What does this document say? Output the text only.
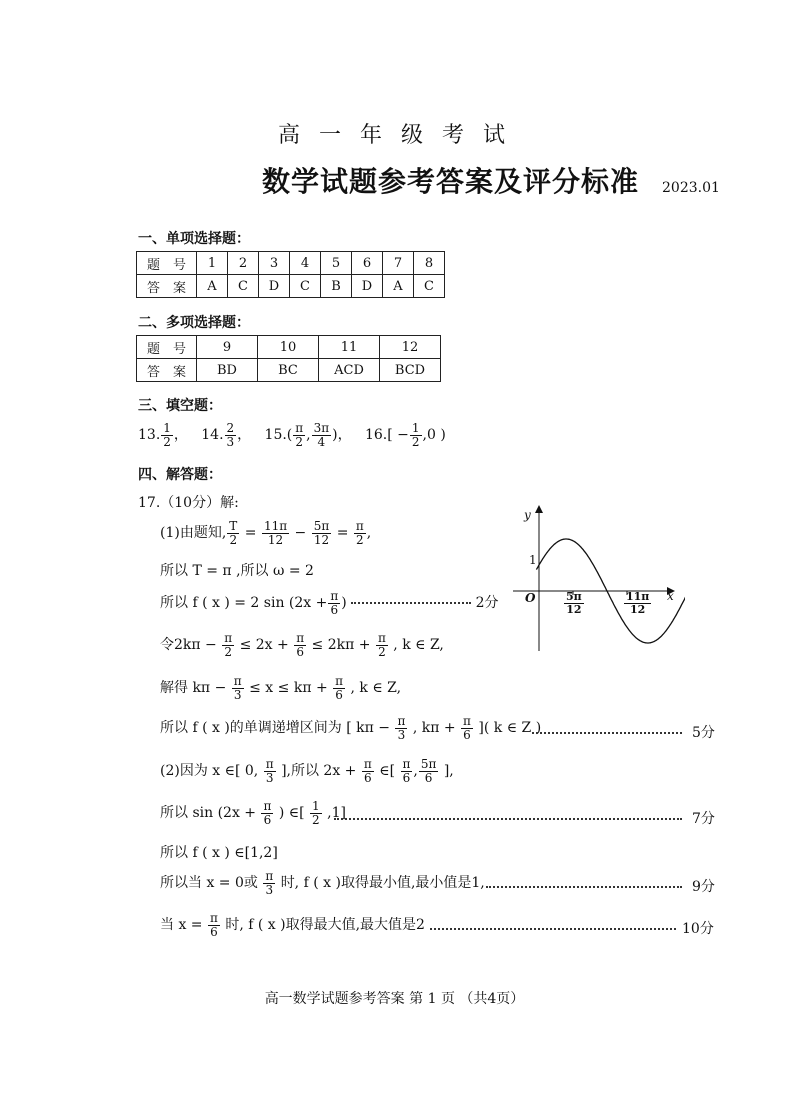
高 一 年 级 考 试
数学试题参考答案及评分标准 2023.01
一、单项选择题：
题　号	1	2	3	4	5	6	7	8
答　案	A	C	D	C	B	D	A	C
二、多项选择题：
题　号	9	10	11	12
答　案	BD	BC	ACD	BCD
三、填空题：
13. $\frac{1}{2}$ ， 14. $\frac{2}{3}$ ， $15.( \frac{\pi}{2}$ , $\frac{3\pi}{4}$ )， $16.[ - \frac{1}{2} ,0$ )
四、解答题：
17.（10分）解:
(1)由题知, $\frac{T}{2} = \frac{11\pi}{12} - \frac{5\pi}{12} = \frac{\pi}{2}$ ,
所以 T = π ,所以 ω = 2
所以 f ( x ) = 2 $\sin (2x + \frac{\pi}{6}$ )	2分
令$2k\pi - \frac{\pi}{2} \le 2x + \frac{\pi}{6} \le 2k\pi + \frac{\pi}{2}$ , k ∈ Z,
解得 $k\pi - \frac{\pi}{3} \le x \le k\pi + \frac{\pi}{6}$ , k ∈ Z,
所以 f ( x )的单调递增区间为 [ $k\pi - \frac{\pi}{3}$ , $k\pi + \frac{\pi}{6}$ ]( k ∈ Z )	5分
(2)因为 x ∈[ 0, $\frac{\pi}{3}$ ],所以 $2x + \frac{\pi}{6}$ ∈[ $\frac{\pi}{6}$ , $\frac{5\pi}{6}$ ],
所以 $\sin (2x + \frac{\pi}{6}$ ) ∈[ $\frac{1}{2} ,1$]	7分
所以 f ( x ) ∈[1,2]
所以当 x = 0或 $\frac{\pi}{3}$ 时, f ( x )取得最小值,最小值是1,	9分
当 $x = \frac{\pi}{6}$ 时, f ( x )取得最大值,最大值是2	10分
y
x
O
1
$\frac{5\pi}{12}$	$\frac{11\pi}{12}$
高一数学试题参考答案 第 1 页 （共4页）
